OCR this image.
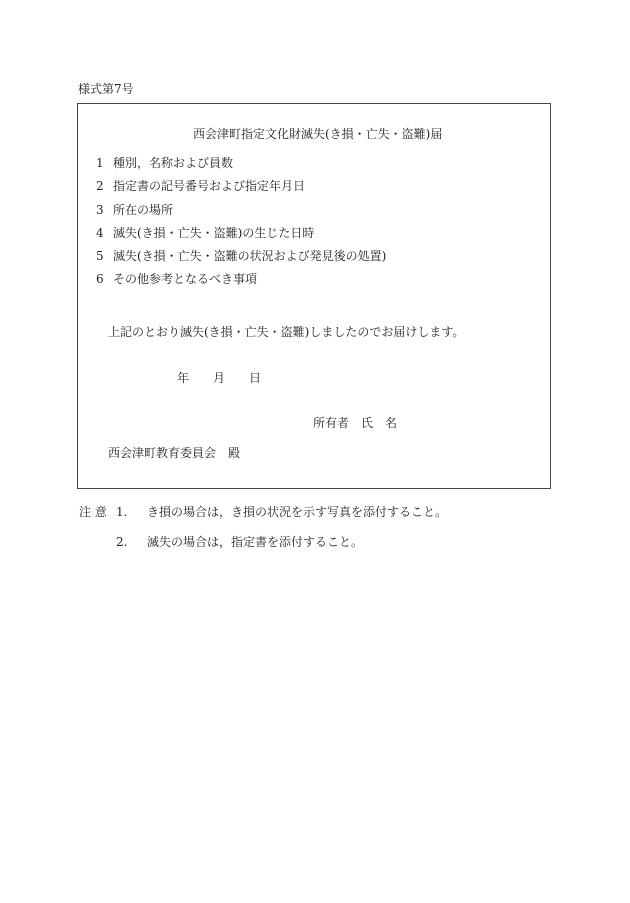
様式第7号
西会津町指定文化財滅失(き損・亡失・盗難)届
1 種別，名称および員数
2 指定書の記号番号および指定年月日
3 所在の場所
4 滅失(き損・亡失・盗難)の生じた日時
5 滅失(き損・亡失・盗難の状況および発見後の処置)
6 その他参考となるべき事項
上記のとおり滅失(き損・亡失・盗難)しましたのでお届けします。
年 月 日
所有者 氏　名
西会津町教育委員会　殿
注 意 1. き損の場合は，き損の状況を示す写真を添付すること。
2. 滅失の場合は，指定書を添付すること。
